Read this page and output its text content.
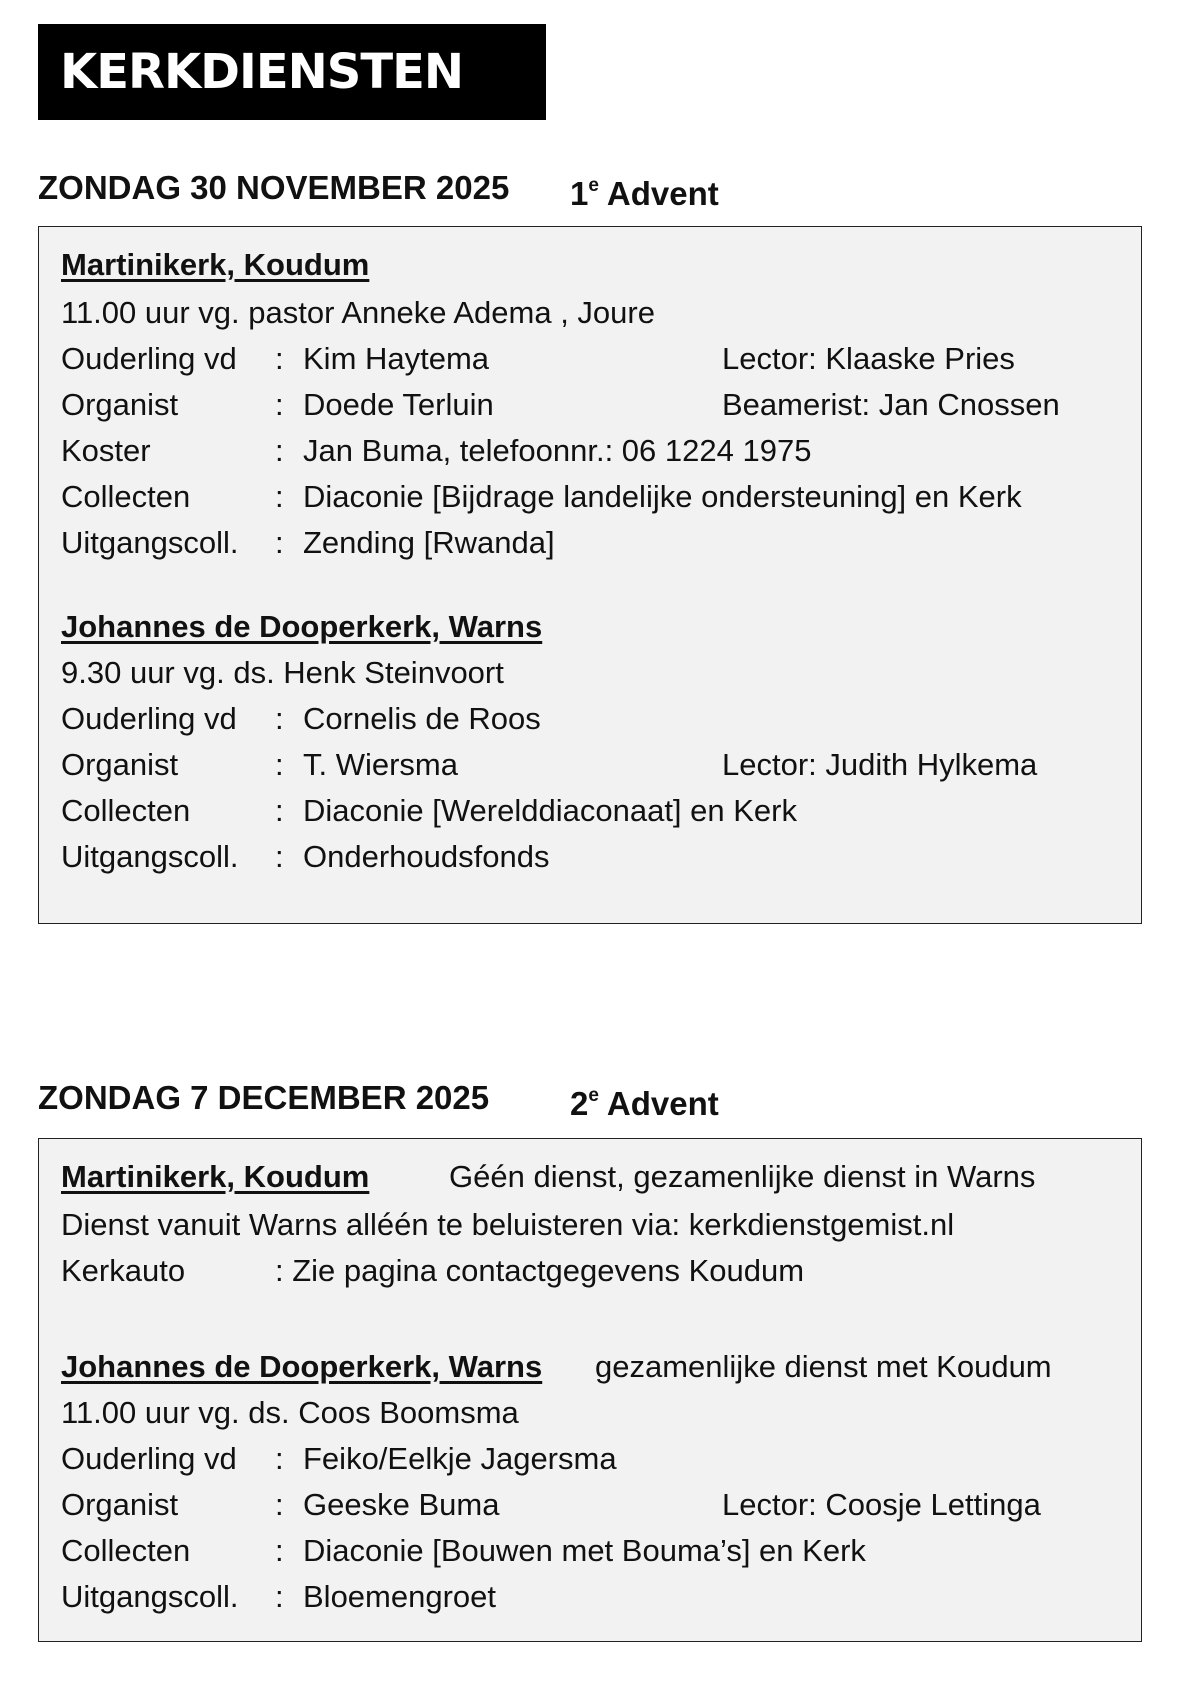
KERKDIENSTEN
ZONDAG 30 NOVEMBER 2025 1e Advent
Martinikerk, Koudum
11.00 uur vg. pastor Anneke Adema , Joure
Ouderling vd : Kim Haytema	Lector: Klaaske Pries
Organist	: Doede Terluin	Beamerist: Jan Cnossen
Koster	: Jan Buma, telefoonnr.: 06 1224 1975
Collecten	: Diaconie [Bijdrage landelijke ondersteuning] en Kerk
Uitgangscoll. : Zending [Rwanda]
Johannes de Dooperkerk, Warns
9.30 uur vg. ds. Henk Steinvoort
Ouderling vd : Cornelis de Roos
Organist	: T. Wiersma	Lector: Judith Hylkema
Collecten	: Diaconie [Werelddiaconaat] en Kerk
Uitgangscoll. : Onderhoudsfonds
ZONDAG 7 DECEMBER 2025 2e Advent
Martinikerk, Koudum	Géén dienst, gezamenlijke dienst in Warns
Dienst vanuit Warns alléén te beluisteren via: kerkdienstgemist.nl
Kerkauto	: Zie pagina contactgegevens Koudum
Johannes de Dooperkerk, Warns gezamenlijke dienst met Koudum
11.00 uur vg. ds. Coos Boomsma
Ouderling vd : Feiko/Eelkje Jagersma
Organist	: Geeske Buma	Lector: Coosje Lettinga
Collecten	: Diaconie [Bouwen met Bouma’s] en Kerk
Uitgangscoll. : Bloemengroet
